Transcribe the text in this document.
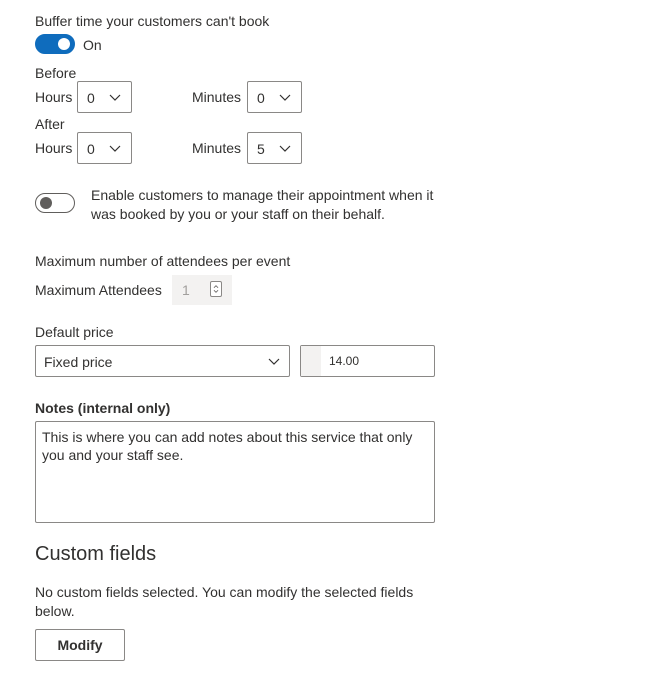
Buffer time your customers can't book
On
Before
Hours 0	Minutes 0
After
Hours 0	Minutes 5
Enable customers to manage their appointment when it
was booked by you or your staff on their behalf.
Maximum number of attendees per event
Maximum Attendees 1
Default price
Fixed price	14.00
Notes (internal only)
This is where you can add notes about this service that only you and your staff see.
Custom fields
No custom fields selected. You can modify the selected fields
below.
Modify
